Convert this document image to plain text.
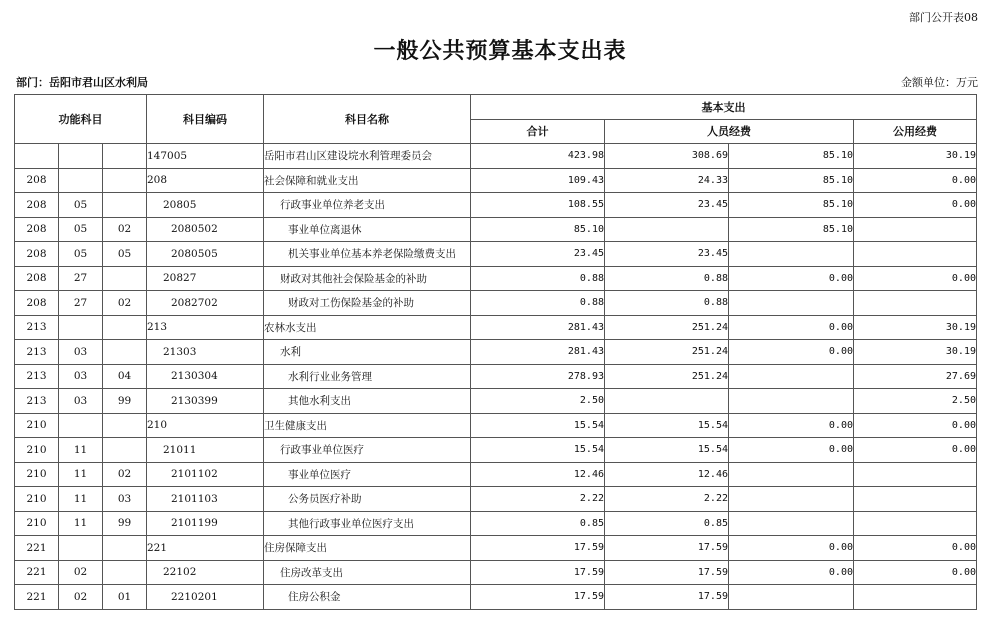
部门公开表08
一般公共预算基本支出表
部门：岳阳市君山区水利局	金额单位：万元
功能科目			科目编码	科目名称	基本支出			
					合计	人员经费		公用经费
			147005	岳阳市君山区建设垸水利管理委员会	423.98	308.69	85.10	30.19
208			208	社会保障和就业支出	109.43	24.33	85.10	0.00
208	05		20805	行政事业单位养老支出	108.55	23.45	85.10	0.00
208	05	02	2080502	事业单位离退休	85.10		85.10	
208	05	05	2080505	机关事业单位基本养老保险缴费支出	23.45	23.45		
208	27		20827	财政对其他社会保险基金的补助	0.88	0.88	0.00	0.00
208	27	02	2082702	财政对工伤保险基金的补助	0.88	0.88		
213			213	农林水支出	281.43	251.24	0.00	30.19
213	03		21303	水利	281.43	251.24	0.00	30.19
213	03	04	2130304	水利行业业务管理	278.93	251.24		27.69
213	03	99	2130399	其他水利支出	2.50			2.50
210			210	卫生健康支出	15.54	15.54	0.00	0.00
210	11		21011	行政事业单位医疗	15.54	15.54	0.00	0.00
210	11	02	2101102	事业单位医疗	12.46	12.46		
210	11	03	2101103	公务员医疗补助	2.22	2.22		
210	11	99	2101199	其他行政事业单位医疗支出	0.85	0.85		
221			221	住房保障支出	17.59	17.59	0.00	0.00
221	02		22102	住房改革支出	17.59	17.59	0.00	0.00
221	02	01	2210201	住房公积金	17.59	17.59		
